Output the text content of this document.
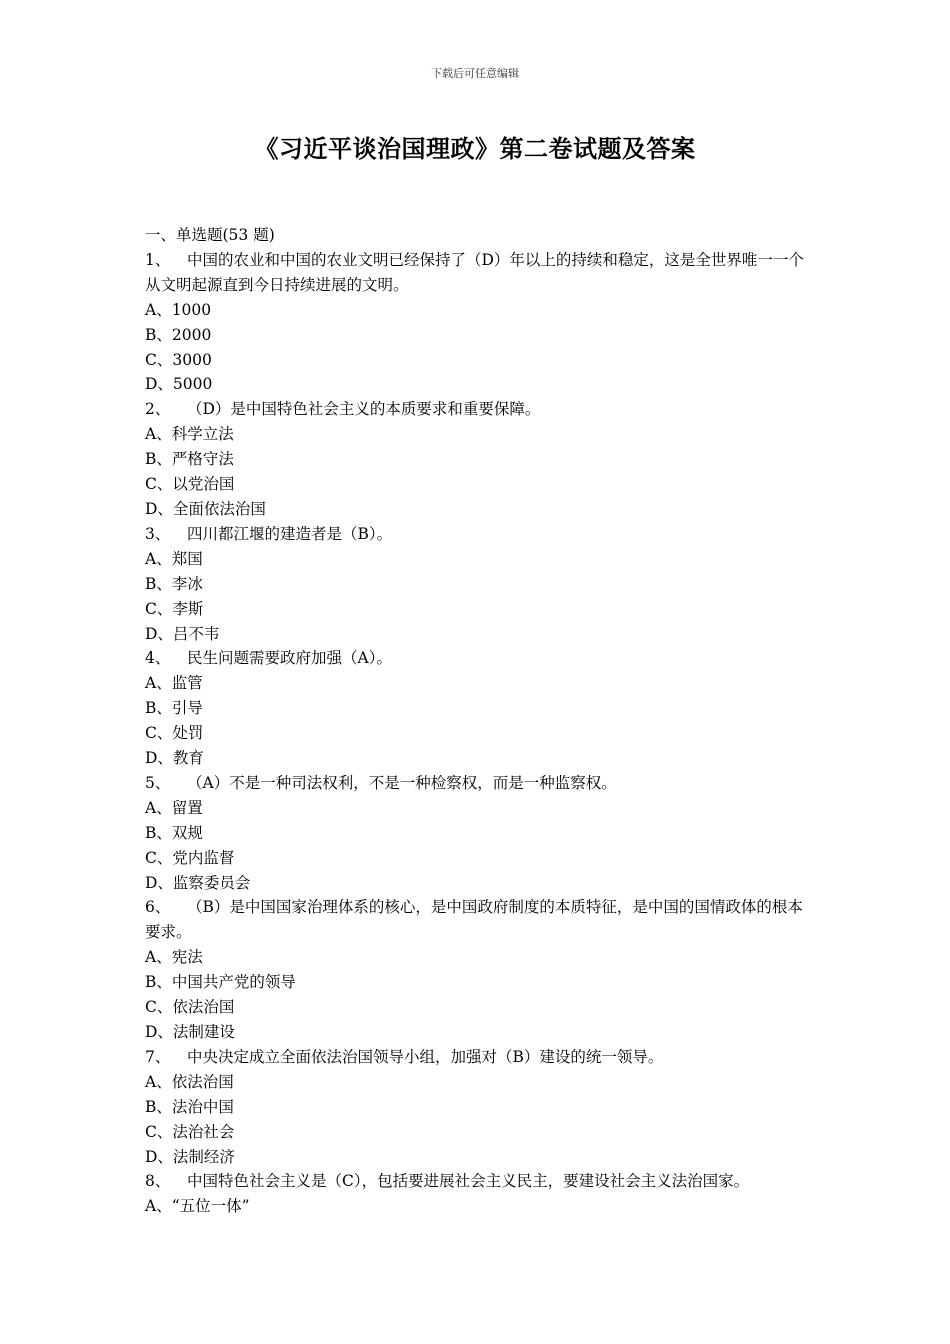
下载后可任意编辑
《习近平谈治国理政》第二卷试题及答案
一、单选题(53 题)
1、 中国的农业和中国的农业文明已经保持了（D）年以上的持续和稳定，这是全世界唯一一个从文明起源直到今日持续进展的文明。
A、1000
B、2000
C、3000
D、5000
2、 （D）是中国特色社会主义的本质要求和重要保障。
A、科学立法
B、严格守法
C、以党治国
D、全面依法治国
3、 四川都江堰的建造者是（B）。
A、郑国
B、李冰
C、李斯
D、吕不韦
4、 民生问题需要政府加强（A）。
A、监管
B、引导
C、处罚
D、教育
5、 （A）不是一种司法权利，不是一种检察权，而是一种监察权。
A、留置
B、双规
C、党内监督
D、监察委员会
6、 （B）是中国国家治理体系的核心，是中国政府制度的本质特征，是中国的国情政体的根本要求。
A、宪法
B、中国共产党的领导
C、依法治国
D、法制建设
7、 中央决定成立全面依法治国领导小组，加强对（B）建设的统一领导。
A、依法治国
B、法治中国
C、法治社会
D、法制经济
8、 中国特色社会主义是（C），包括要进展社会主义民主，要建设社会主义法治国家。
A、“五位一体”
